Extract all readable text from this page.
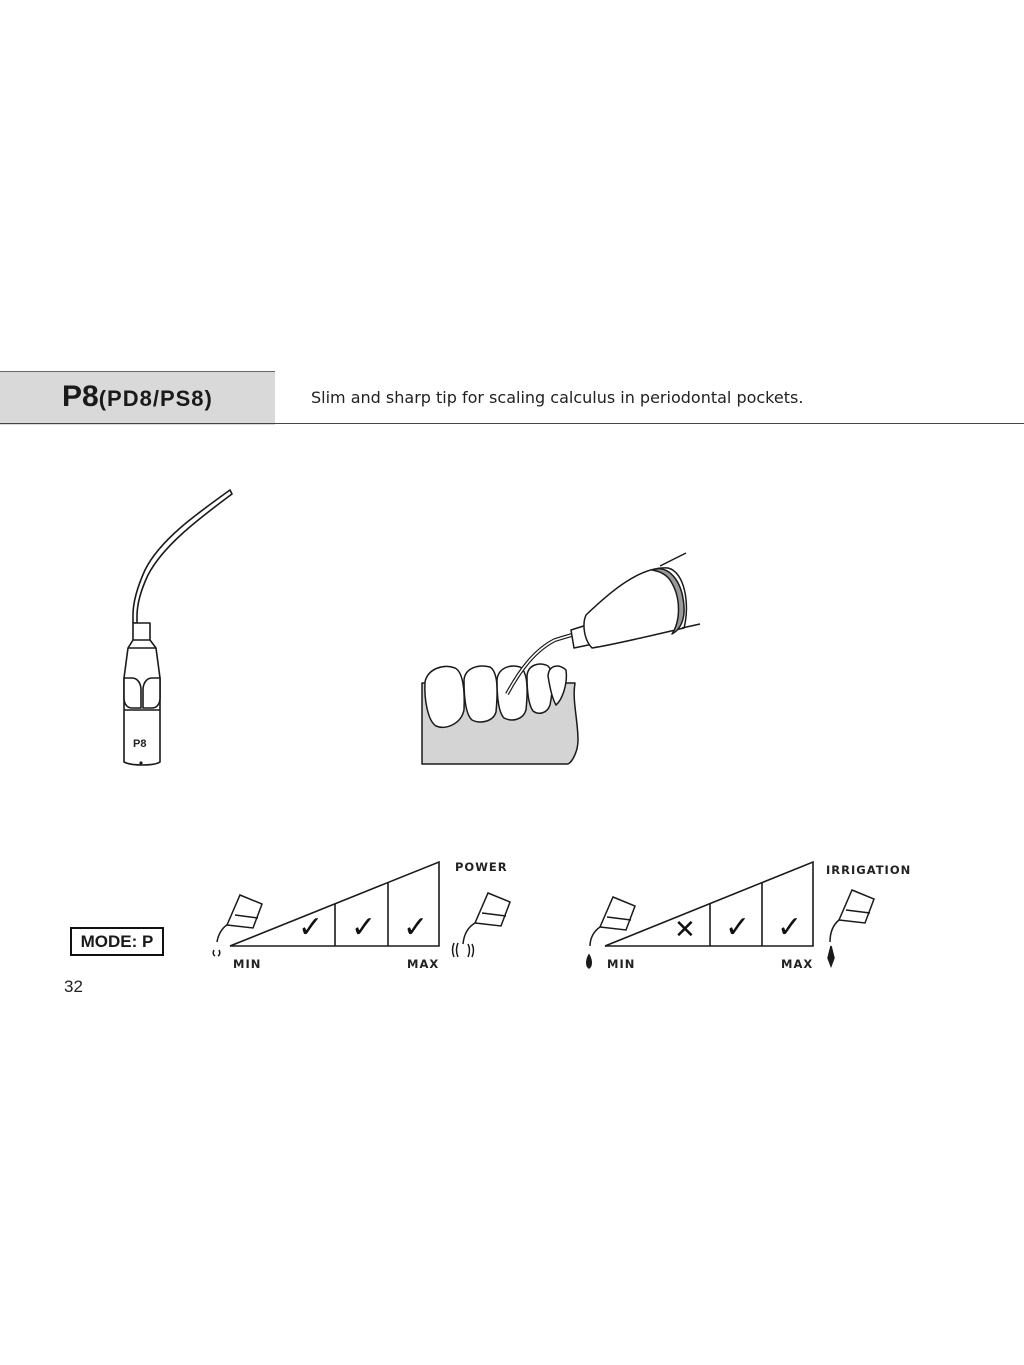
P8(PD8/PS8)	Slim and sharp tip for scaling calculus in periodontal pockets.
P8
POWER
MIN	MAX
✓ ✓ ✓
IRRIGATION
MIN	MAX
✕ ✓ ✓
MODE: P
32
